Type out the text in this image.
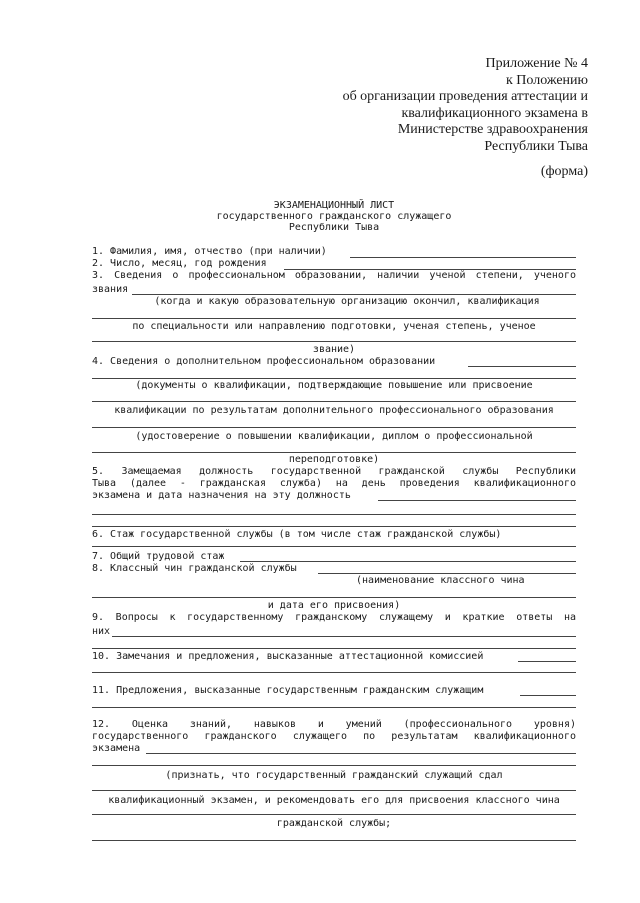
Приложение № 4
к Положению
об организации проведения аттестации и
квалификационного экзамена в
Министерстве здравоохранения
Республики Тыва
(форма)
ЭКЗАМЕНАЦИОННЫЙ ЛИСТ
государственного гражданского служащего
Республики Тыва
1. Фамилия, имя, отчество (при наличии)
2. Число, месяц, год рождения
3. Сведения о профессиональном образовании, наличии ученой степени, ученого
звания
(когда и какую образовательную организацию окончил, квалификация
по специальности или направлению подготовки, ученая степень, ученое
звание)
4. Сведения о дополнительном профессиональном образовании
(документы о квалификации, подтверждающие повышение или присвоение
квалификации по результатам дополнительного профессионального образования
(удостоверение о повышении квалификации, диплом о профессиональной
переподготовке)
5. Замещаемая должность государственной гражданской службы Республики
Тыва (далее - гражданская служба) на день проведения квалификационного
экзамена и дата назначения на эту должность
6. Стаж государственной службы (в том числе стаж гражданской службы)
7. Общий трудовой стаж
8. Классный чин гражданской службы
(наименование классного чина
и дата его присвоения)
9. Вопросы к государственному гражданскому служащему и краткие ответы на
них
10. Замечания и предложения, высказанные аттестационной комиссией
11. Предложения, высказанные государственным гражданским служащим
12. Оценка знаний, навыков и умений (профессионального уровня)
государственного гражданского служащего по результатам квалификационного
экзамена
(признать, что государственный гражданский служащий сдал
квалификационный экзамен, и рекомендовать его для присвоения классного чина
гражданской службы;
